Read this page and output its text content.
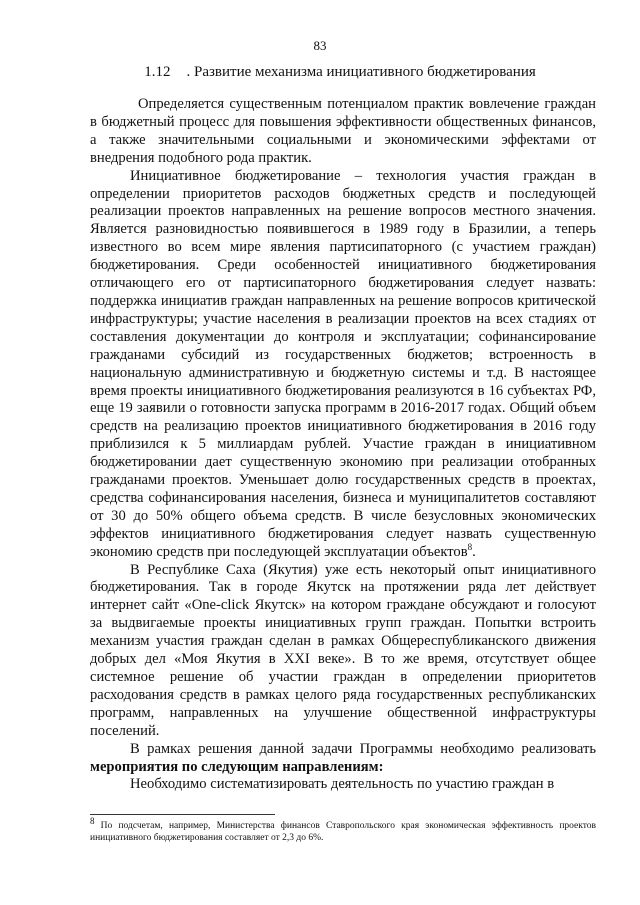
83
1.12 . Развитие механизма инициативного бюджетирования

Определяется существенным потенциалом практик вовлечение граждан в бюджетный процесс для повышения эффективности общественных финансов, а также значительными социальными и экономическими эффектами от внедрения подобного рода практик.

Инициативное бюджетирование – технология участия граждан в определении приоритетов расходов бюджетных средств и последующей реализации проектов направленных на решение вопросов местного значения. Является разновидностью появившегося в 1989 году в Бразилии, а теперь известного во всем мире явления партисипаторного (с участием граждан) бюджетирования. Среди особенностей инициативного бюджетирования отличающего его от партисипаторного бюджетирования следует назвать: поддержка инициатив граждан направленных на решение вопросов критической инфраструктуры; участие населения в реализации проектов на всех стадиях от составления документации до контроля и эксплуатации; софинансирование гражданами субсидий из государственных бюджетов; встроенность в национальную административную и бюджетную системы и т.д. В настоящее время проекты инициативного бюджетирования реализуются в 16 субъектах РФ, еще 19 заявили о готовности запуска программ в 2016-2017 годах. Общий объем средств на реализацию проектов инициативного бюджетирования в 2016 году приблизился к 5 миллиардам рублей. Участие граждан в инициативном бюджетировании дает существенную экономию при реализации отобранных гражданами проектов. Уменьшает долю государственных средств в проектах, средства софинансирования населения, бизнеса и муниципалитетов составляют от 30 до 50% общего объема средств. В числе безусловных экономических эффектов инициативного бюджетирования следует назвать существенную экономию средств при последующей эксплуатации объектов$^8$.

В Республике Саха (Якутия) уже есть некоторый опыт инициативного бюджетирования. Так в городе Якутск на протяжении ряда лет действует интернет сайт «One-click Якутск» на котором граждане обсуждают и голосуют за выдвигаемые проекты инициативных групп граждан. Попытки встроить механизм участия граждан сделан в рамках Общереспубликанского движения добрых дел «Моя Якутия в XXI веке». В то же время, отсутствует общее системное решение об участии граждан в определении приоритетов расходования средств в рамках целого ряда государственных республиканских программ, направленных на улучшение общественной инфраструктуры поселений.

В рамках решения данной задачи Программы необходимо реализовать мероприятия по следующим направлениям:

Необходимо систематизировать деятельность по участию граждан в

$^8$ По подсчетам, например, Министерства финансов Ставропольского края экономическая эффективность проектов инициативного бюджетирования составляет от 2,3 до 6%.
